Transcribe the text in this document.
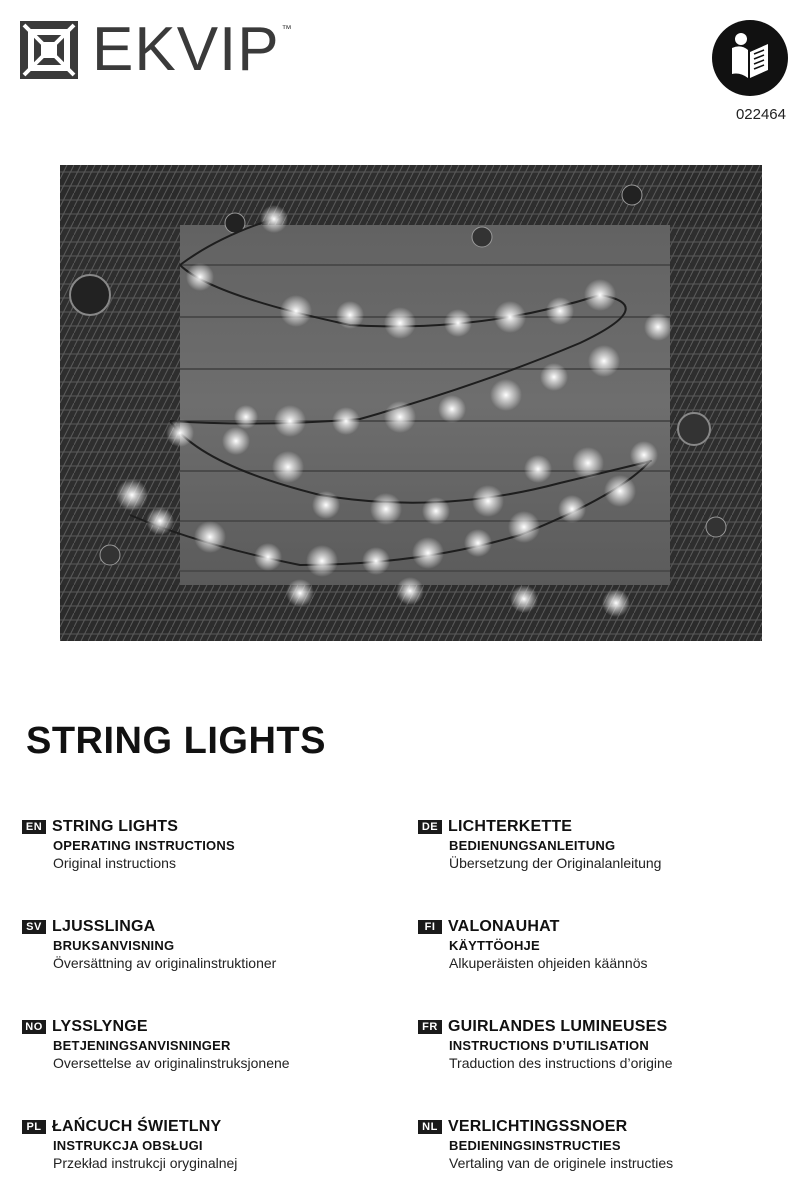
EKVIP ™
022464
STRING LIGHTS
EN STRING LIGHTS
OPERATING INSTRUCTIONS
Original instructions
DE LICHTERKETTE
BEDIENUNGSANLEITUNG
Übersetzung der Originalanleitung
SV LJUSSLINGA
BRUKSANVISNING
Översättning av originalinstruktioner
FI VALONAUHAT
KÄYTTÖOHJE
Alkuperäisten ohjeiden käännös
NO LYSSLYNGE
BETJENINGSANVISNINGER
Oversettelse av originalinstruksjonene
FR GUIRLANDES LUMINEUSES
INSTRUCTIONS D’UTILISATION
Traduction des instructions d’origine
PL ŁAŃCUCH ŚWIETLNY
INSTRUKCJA OBSŁUGI
Przekład instrukcji oryginalnej
NL VERLICHTINGSSNOER
BEDIENINGSINSTRUCTIES
Vertaling van de originele instructies
